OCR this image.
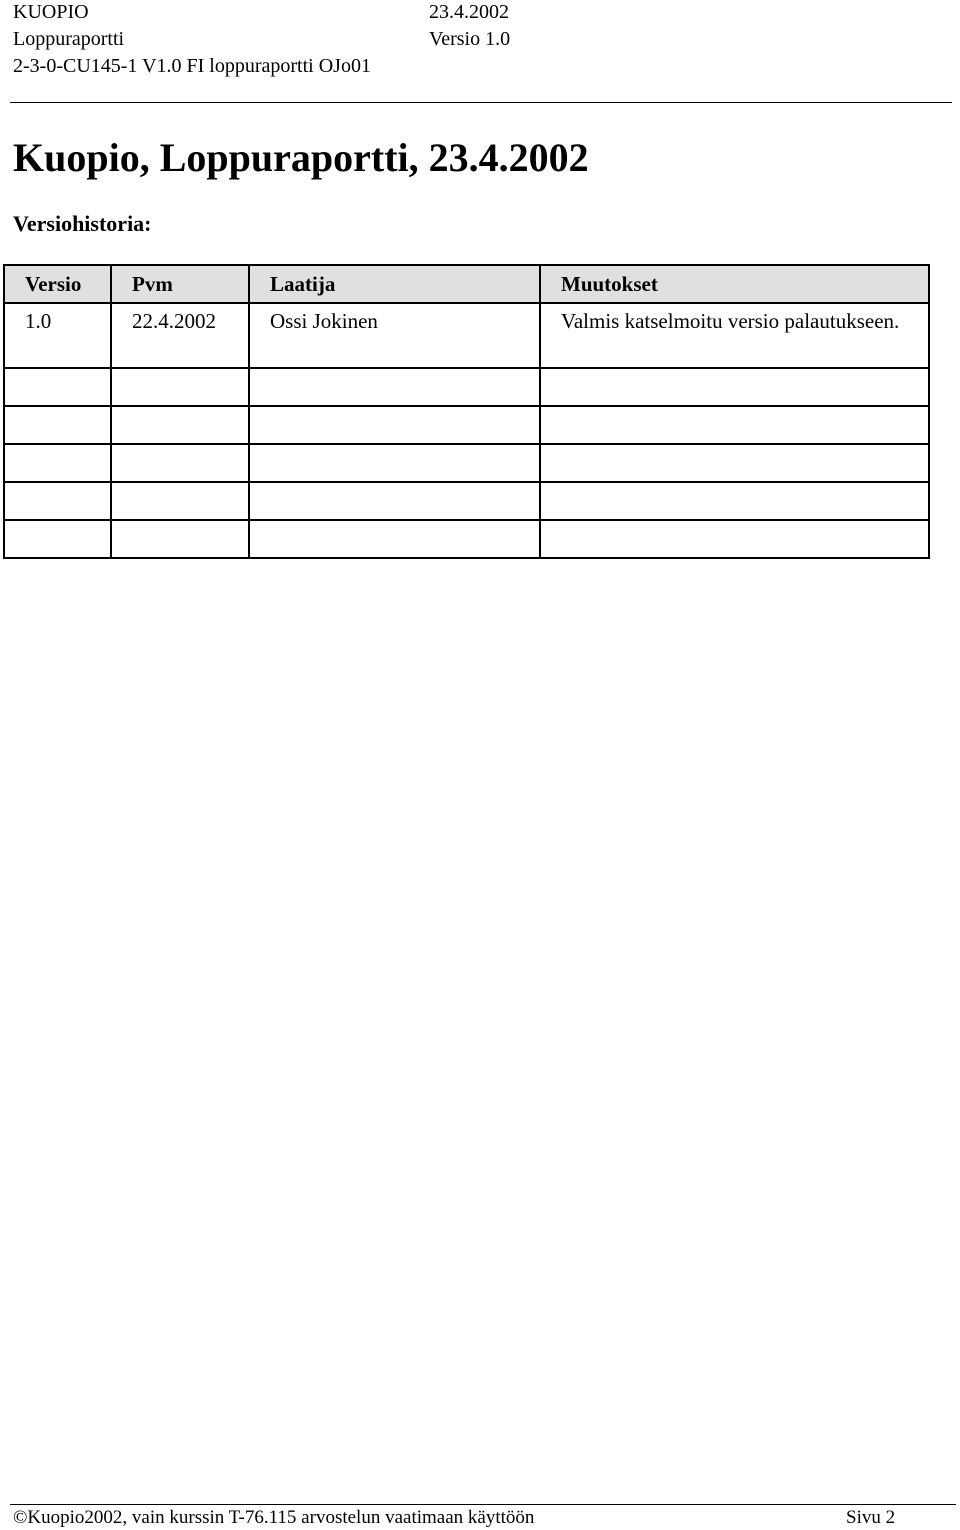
KUOPIO	23.4.2002
Loppuraportti	Versio 1.0
2-3-0-CU145-1 V1.0 FI loppuraportti OJo01
Kuopio, Loppuraportti, 23.4.2002
Versiohistoria:
Versio	Pvm	Laatija	Muutokset
1.0	22.4.2002	Ossi Jokinen	Valmis katselmoitu versio palautukseen.

©Kuopio2002, vain kurssin T-76.115 arvostelun vaatimaan käyttöön	Sivu 2
